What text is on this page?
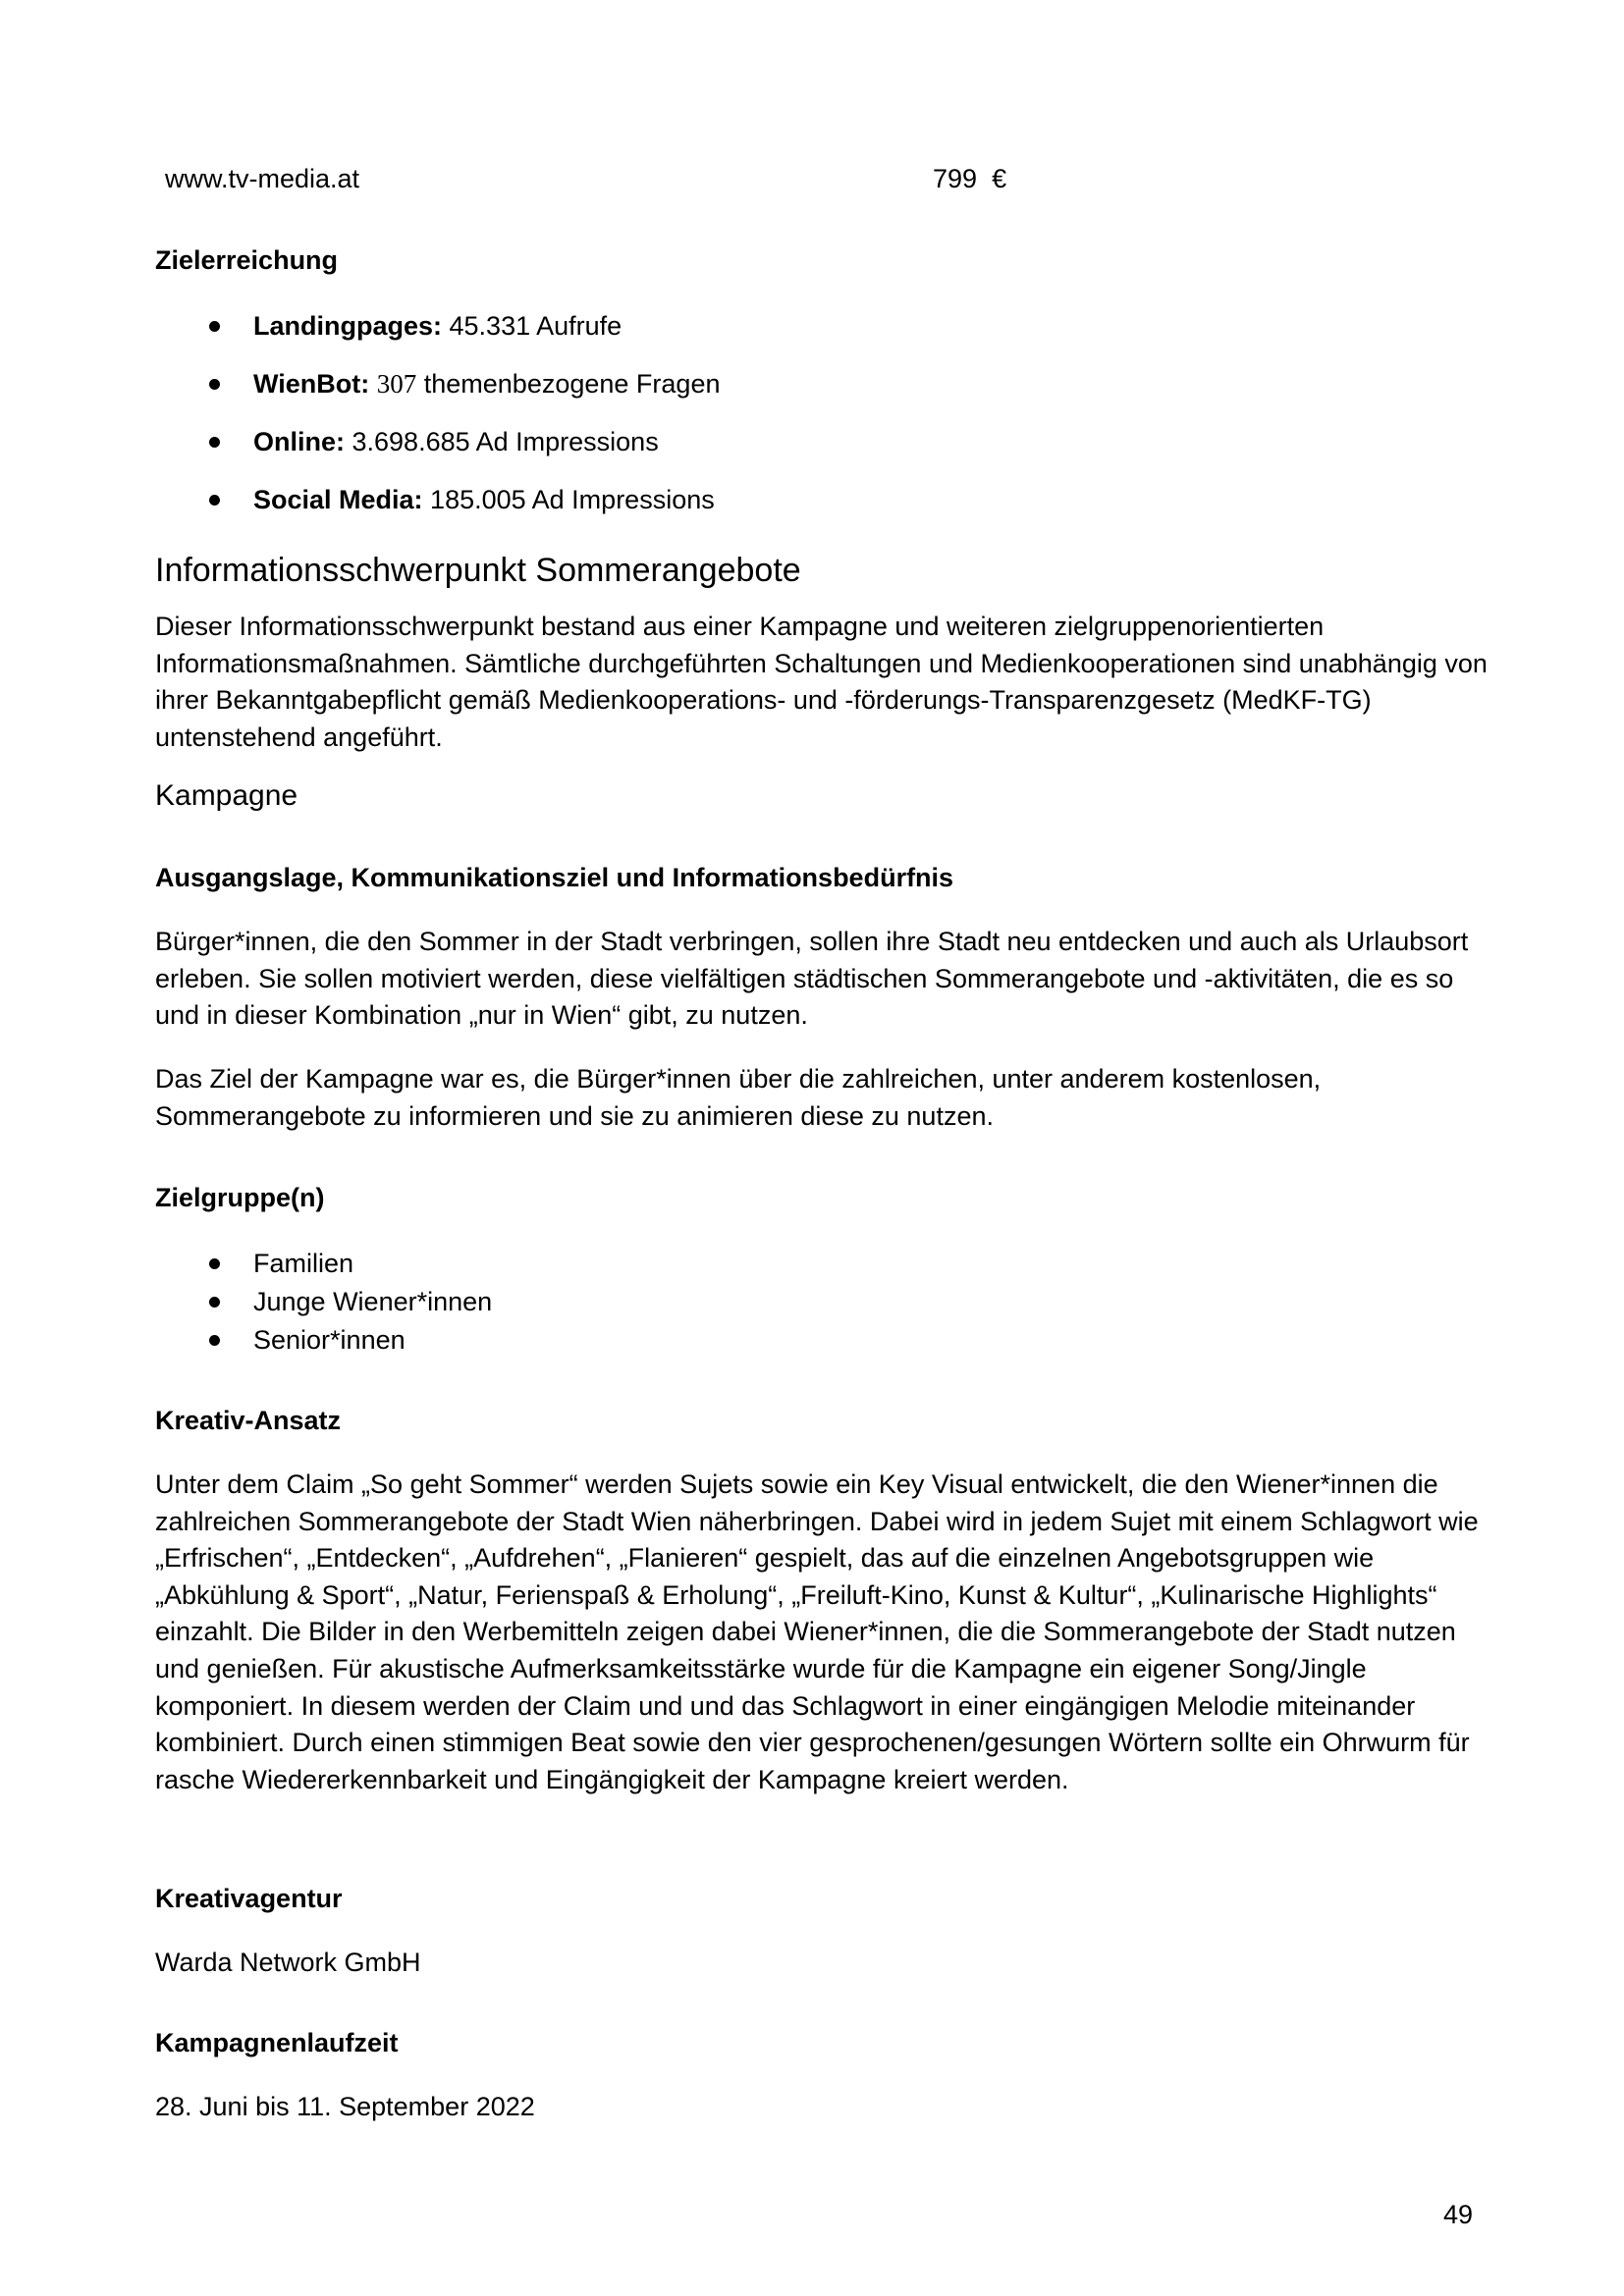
www.tv-media.at	799 €
Zielerreichung
Landingpages: 45.331 Aufrufe
WienBot: 307 themenbezogene Fragen
Online: 3.698.685 Ad Impressions
Social Media: 185.005 Ad Impressions
Informationsschwerpunkt Sommerangebote
Dieser Informationsschwerpunkt bestand aus einer Kampagne und weiteren zielgruppenorientierten Informationsmaßnahmen. Sämtliche durchgeführten Schaltungen und Medienkooperationen sind unabhängig von ihrer Bekanntgabepflicht gemäß Medienkooperations- und -förderungs-Transparenzgesetz (MedKF-TG) untenstehend angeführt.
Kampagne
Ausgangslage, Kommunikationsziel und Informationsbedürfnis
Bürger*innen, die den Sommer in der Stadt verbringen, sollen ihre Stadt neu entdecken und auch als Urlaubsort erleben. Sie sollen motiviert werden, diese vielfältigen städtischen Sommerangebote und -aktivitäten, die es so und in dieser Kombination „nur in Wien“ gibt, zu nutzen.
Das Ziel der Kampagne war es, die Bürger*innen über die zahlreichen, unter anderem kostenlosen, Sommerangebote zu informieren und sie zu animieren diese zu nutzen.
Zielgruppe(n)
Familien
Junge Wiener*innen
Senior*innen
Kreativ-Ansatz
Unter dem Claim „So geht Sommer“ werden Sujets sowie ein Key Visual entwickelt, die den Wiener*innen die zahlreichen Sommerangebote der Stadt Wien näherbringen. Dabei wird in jedem Sujet mit einem Schlagwort wie „Erfrischen“, „Entdecken“, „Aufdrehen“, „Flanieren“ gespielt, das auf die einzelnen Angebotsgruppen wie „Abkühlung & Sport“, „Natur, Ferienspaß & Erholung“, „Freiluft-Kino, Kunst & Kultur“, „Kulinarische Highlights“ einzahlt. Die Bilder in den Werbemitteln zeigen dabei Wiener*innen, die die Sommerangebote der Stadt nutzen und genießen. Für akustische Aufmerksamkeitsstärke wurde für die Kampagne ein eigener Song/Jingle komponiert. In diesem werden der Claim und und das Schlagwort in einer eingängigen Melodie miteinander kombiniert. Durch einen stimmigen Beat sowie den vier gesprochenen/gesungen Wörtern sollte ein Ohrwurm für rasche Wiedererkennbarkeit und Eingängigkeit der Kampagne kreiert werden.
Kreativagentur
Warda Network GmbH
Kampagnenlaufzeit
28. Juni bis 11. September 2022
49
